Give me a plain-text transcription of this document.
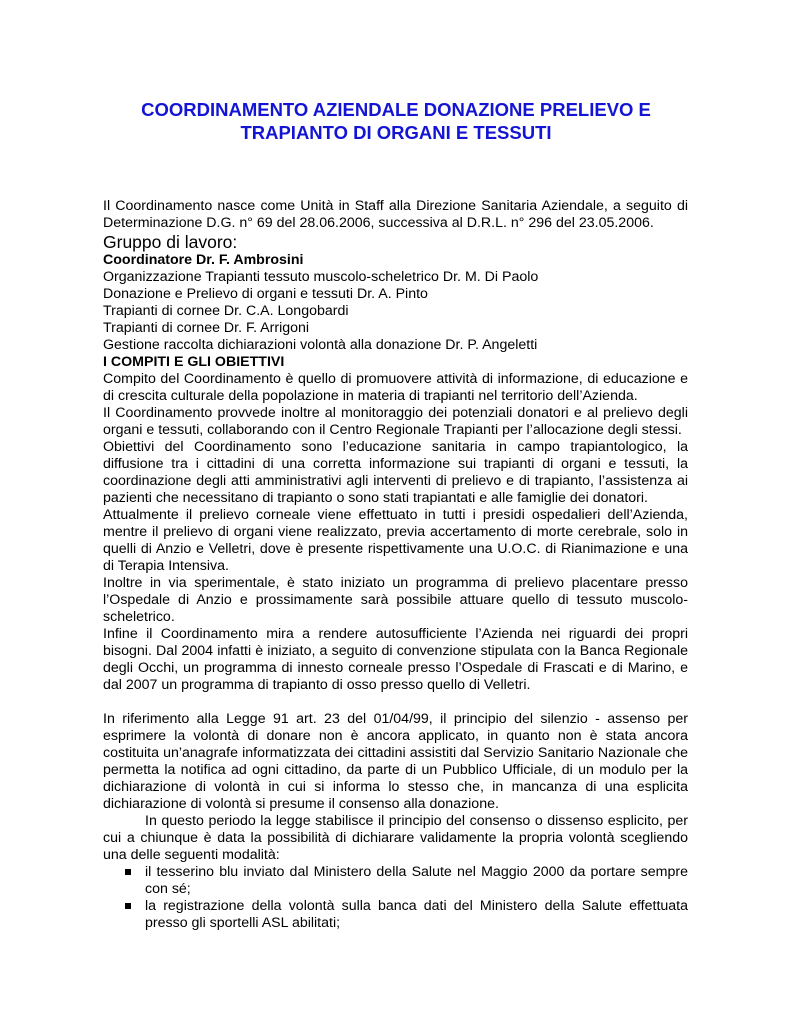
COORDINAMENTO AZIENDALE DONAZIONE PRELIEVO E
TRAPIANTO DI ORGANI E TESSUTI

Il Coordinamento nasce come Unità in Staff alla Direzione Sanitaria Aziendale, a seguito di Determinazione D.G. n° 69 del 28.06.2006, successiva al D.R.L. n° 296 del 23.05.2006.

Gruppo di lavoro:

Coordinatore Dr. F. Ambrosini

Organizzazione Trapianti tessuto muscolo-scheletrico Dr. M. Di Paolo

Donazione e Prelievo di organi e tessuti Dr. A. Pinto

Trapianti di cornee Dr. C.A. Longobardi

Trapianti di cornee Dr. F. Arrigoni

Gestione raccolta dichiarazioni volontà alla donazione Dr. P. Angeletti

I COMPITI E GLI OBIETTIVI

Compito del Coordinamento è quello di promuovere attività di informazione, di educazione e di crescita culturale della popolazione in materia di trapianti nel territorio dell’Azienda.

Il Coordinamento provvede inoltre al monitoraggio dei potenziali donatori e al prelievo degli organi e tessuti, collaborando con il Centro Regionale Trapianti per l’allocazione degli stessi.

Obiettivi del Coordinamento sono l’educazione sanitaria in campo trapiantologico, la diffusione tra i cittadini di una corretta informazione sui trapianti di organi e tessuti, la coordinazione degli atti amministrativi agli interventi di prelievo e di trapianto, l’assistenza ai pazienti che necessitano di trapianto o sono stati trapiantati e alle famiglie dei donatori.

Attualmente il prelievo corneale viene effettuato in tutti i presidi ospedalieri dell’Azienda, mentre il prelievo di organi viene realizzato, previa accertamento di morte cerebrale, solo in quelli di Anzio e Velletri, dove è presente rispettivamente una U.O.C. di Rianimazione e una di Terapia Intensiva.

Inoltre in via sperimentale, è stato iniziato un programma di prelievo placentare presso l’Ospedale di Anzio e prossimamente sarà possibile attuare quello di tessuto muscolo-scheletrico.

Infine il Coordinamento mira a rendere autosufficiente l’Azienda nei riguardi dei propri bisogni. Dal 2004 infatti è iniziato, a seguito di convenzione stipulata con la Banca Regionale degli Occhi, un programma di innesto corneale presso l’Ospedale di Frascati e di Marino, e dal 2007 un programma di trapianto di osso presso quello di Velletri.

In riferimento alla Legge 91 art. 23 del 01/04/99, il principio del silenzio - assenso per esprimere la volontà di donare non è ancora applicato, in quanto non è stata ancora costituita un’anagrafe informatizzata dei cittadini assistiti dal Servizio Sanitario Nazionale che permetta la notifica ad ogni cittadino, da parte di un Pubblico Ufficiale, di un modulo per la dichiarazione di volontà in cui si informa lo stesso che, in mancanza di una esplicita dichiarazione di volontà si presume il consenso alla donazione.

In questo periodo la legge stabilisce il principio del consenso o dissenso esplicito, per cui a chiunque è data la possibilità di dichiarare validamente la propria volontà scegliendo una delle seguenti modalità:

il tesserino blu inviato dal Ministero della Salute nel Maggio 2000 da portare sempre con sé;
la registrazione della volontà sulla banca dati del Ministero della Salute effettuata presso gli sportelli ASL abilitati;
